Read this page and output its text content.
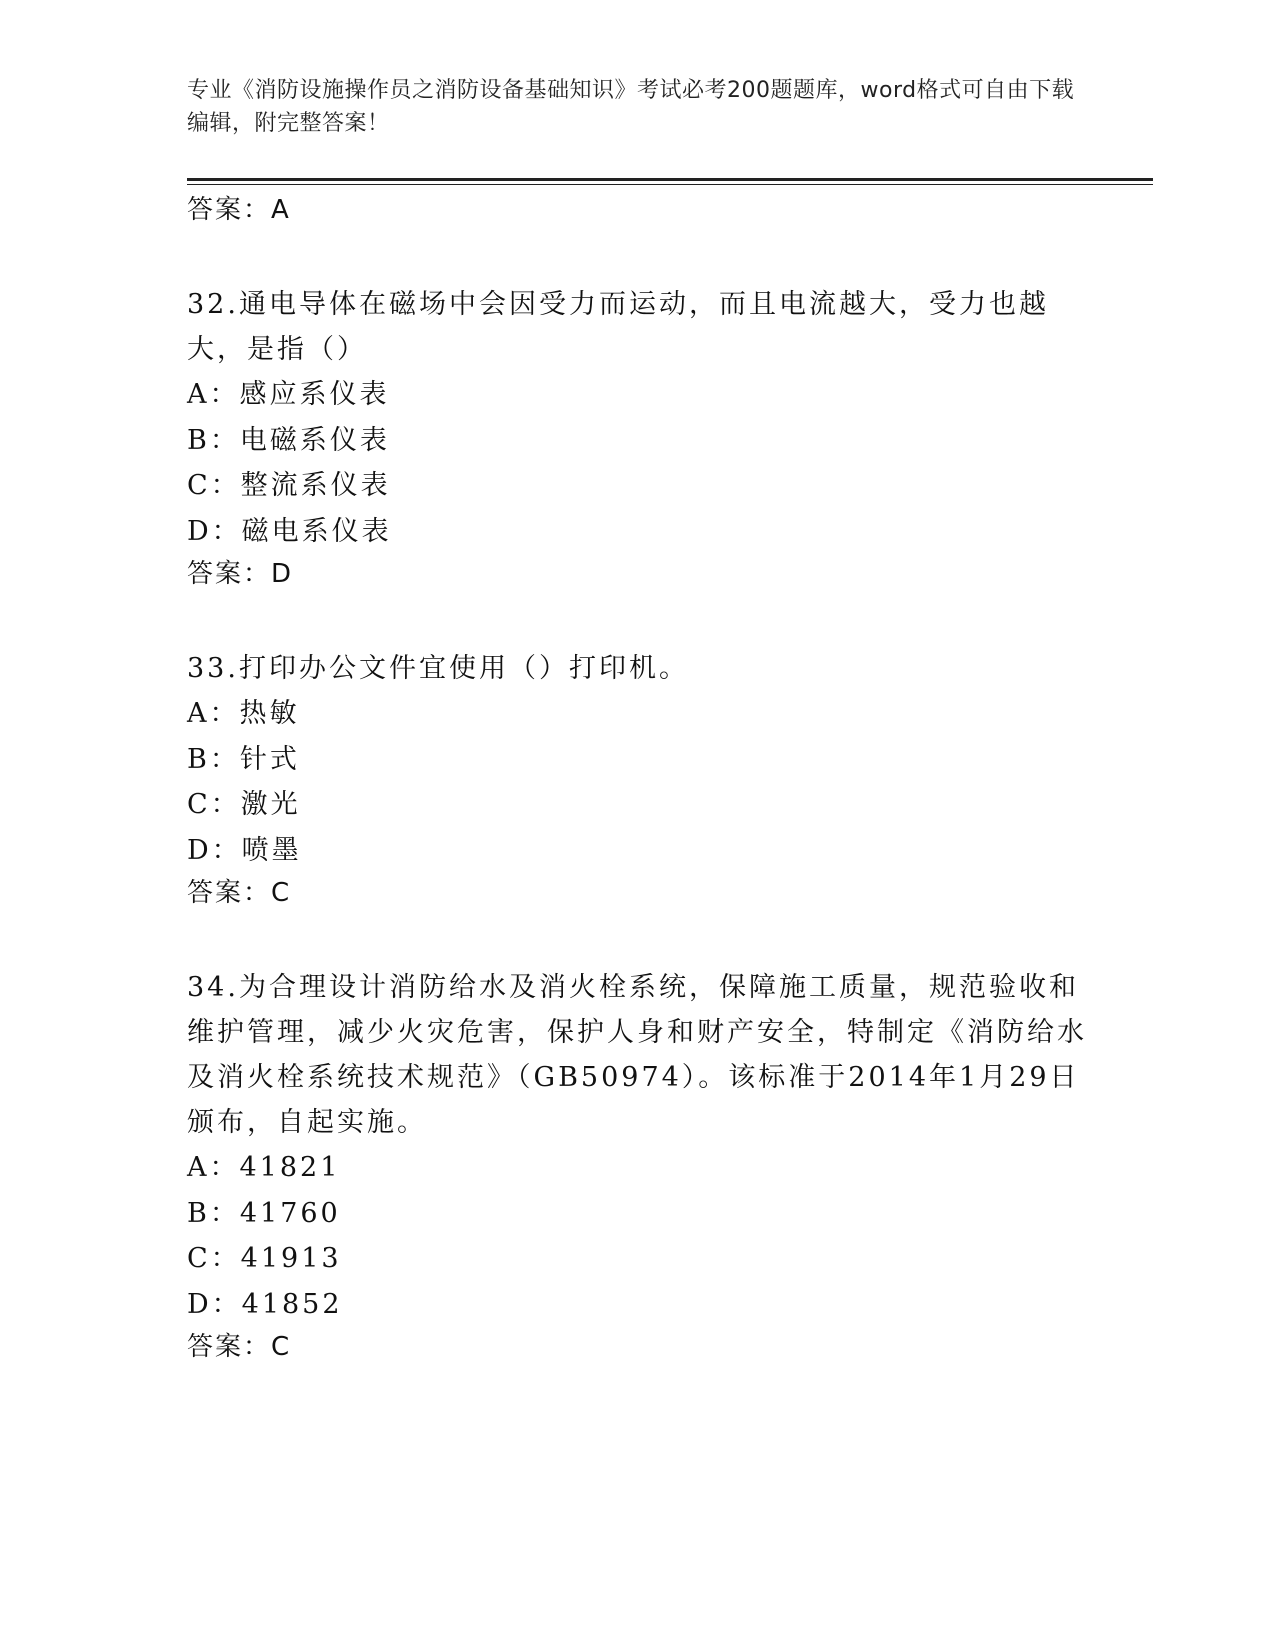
专业《消防设施操作员之消防设备基础知识》考试必考200题题库，word格式可自由下载编辑，附完整答案！
答案：A
32.通电导体在磁场中会因受力而运动，而且电流越大，受力也越大，是指（）
A：感应系仪表
B：电磁系仪表
C：整流系仪表
D：磁电系仪表
答案：D
33.打印办公文件宜使用（）打印机。
A：热敏
B：针式
C：激光
D：喷墨
答案：C
34.为合理设计消防给水及消火栓系统，保障施工质量，规范验收和维护管理，减少火灾危害，保护人身和财产安全，特制定《消防给水及消火栓系统技术规范》（GB50974）。该标准于2014年1月29日颁布，自起实施。
A：41821
B：41760
C：41913
D：41852
答案：C
